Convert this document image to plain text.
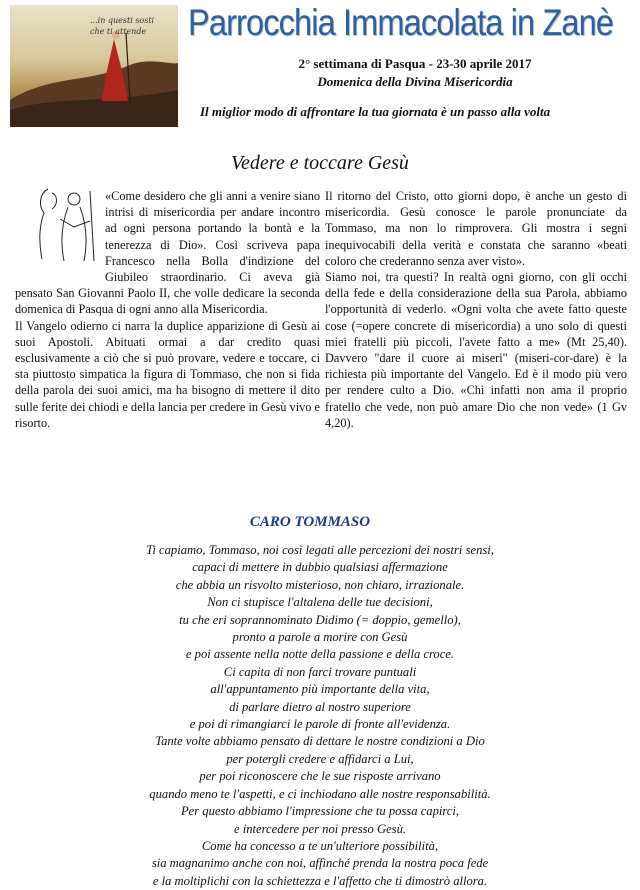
...in questi sosti
che ti attende Parrocchia Immacolata in Zanè
2° settimana di Pasqua - 23-30 aprile 2017
Domenica della Divina Misericordia
Il miglior modo di affrontare la tua giornata è un passo alla volta
Vedere e toccare Gesù

«Come desidero che gli anni a venire siano intrisi di misericordia per andare incontro ad ogni persona portando la bontà e la tenerezza di Dio». Così scriveva papa Francesco nella Bolla d'indizione del Giubileo straordinario. Ci aveva già pensato San Giovanni Paolo II, che volle dedicare la seconda domenica di Pasqua di ogni anno alla Misericordia.

Il Vangelo odierno ci narra la duplice apparizione di Gesù ai suoi Apostoli. Abituati ormai a dar credito quasi esclusivamente a ciò che si può provare, vedere e toccare, ci sta piuttosto simpatica la figura di Tommaso, che non si fida della parola dei suoi amici, ma ha bisogno di mettere il dito sulle ferite dei chiodi e della lancia per credere in Gesù vivo e risorto.

Il ritorno del Cristo, otto giorni dopo, è anche un gesto di misericordia. Gesù conosce le parole pronunciate da Tommaso, ma non lo rimprovera. Gli mostra i segni inequivocabili della verità e constata che saranno «beati coloro che crederanno senza aver visto».

Siamo noi, tra questi? In realtà ogni giorno, con gli occhi della fede e della considerazione della sua Parola, abbiamo l'opportunità di vederlo. «Ogni volta che avete fatto queste cose (=opere concrete di misericordia) a uno solo di questi miei fratelli più piccoli, l'avete fatto a me» (Mt 25,40). Davvero "dare il cuore ai miseri" (miseri-cor-dare) è la richiesta più importante del Vangelo. Ed è il modo più vero per rendere culto a Dio. «Chi infatti non ama il proprio fratello che vede, non può amare Dio che non vede» (1 Gv 4,20).

CARO TOMMASO
Ti capiamo, Tommaso, noi così legati alle percezioni dei nostri sensi,
capaci di mettere in dubbio qualsiasi affermazione
che abbia un risvolto misterioso, non chiaro, irrazionale.
Non ci stupisce l'altalena delle tue decisioni,
tu che eri soprannominato Didimo (= doppio, gemello),
pronto a parole a morire con Gesù
e poi assente nella notte della passione e della croce.
Ci capita di non farci trovare puntuali
all'appuntamento più importante della vita,
di parlare dietro al nostro superiore
e poi di rimangiarci le parole di fronte all'evidenza.
Tante volte abbiamo pensato di dettare le nostre condizioni a Dio
per potergli credere e affidarci a Lui,
per poi riconoscere che le sue risposte arrivano
quando meno te l'aspetti, e ci inchiodano alle nostre responsabilità.
Per questo abbiamo l'impressione che tu possa capirci,
e intercedere per noi presso Gesù.
Come ha concesso a te un'ulteriore possibilità,
sia magnanimo anche con noi, affinché prenda la nostra poca fede
e la moltiplichi con la schiettezza e l'affetto che ti dimostrò allora.
